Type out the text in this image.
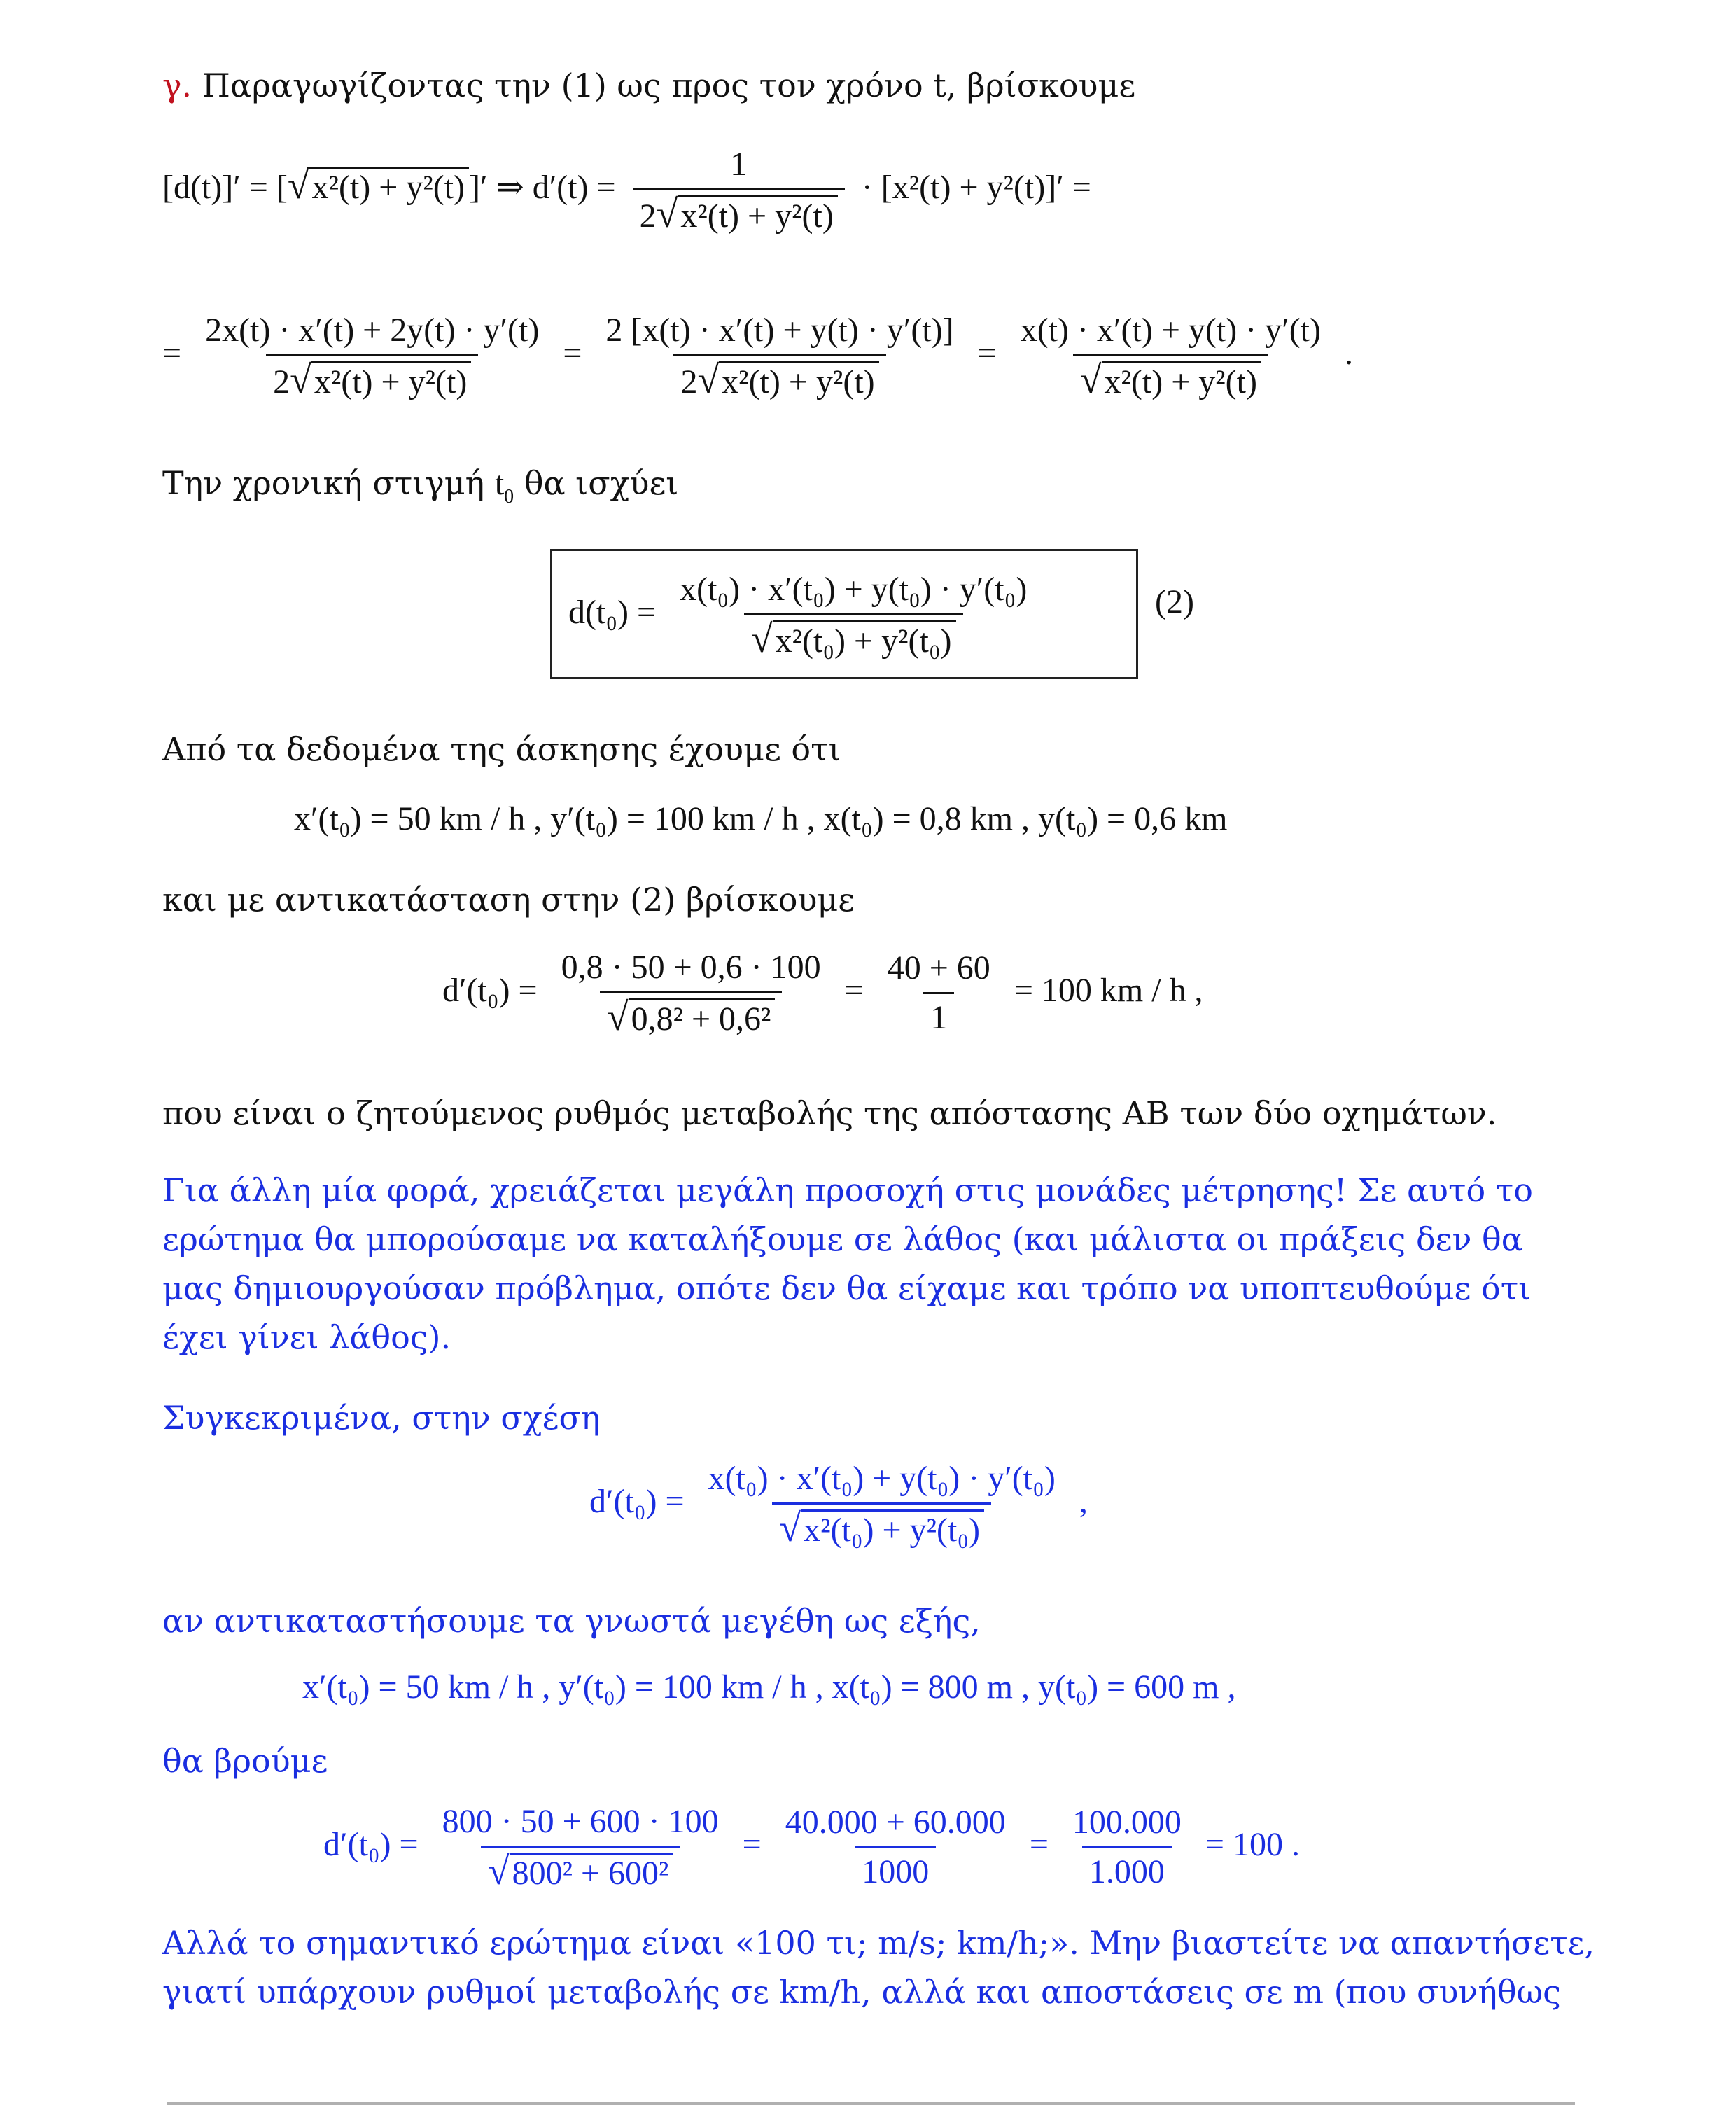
γ. Παραγωγίζοντας την (1) ως προς τον χρόνο t, βρίσκουμε
[d(t)]′ = [√x²(t) + y²(t) ]′ ⇒ $d'(t) = \frac{1}{\text{2√x²(t) + y²(t)}} \cdot [x^2(t) + y^2(t)]'$ =
= $\frac{2x(t) \cdot x'(t) + 2y(t) \cdot y'(t)}{\text{2√x²(t) + y²(t)}} = \frac{2 [x(t) \cdot x'(t) + y(t) \cdot y'(t)]}{\text{2√x²(t) + y²(t)}} = \frac{x(t) \cdot x'(t) + y(t) \cdot y'(t)}{\text{√x²(t) + y²(t)}}$ .
Την χρονική στιγμή $t_0$ θα ισχύει
$d(t_0) = \frac{\text{x(t₀) · x′(t₀) + y(t₀) · y′(t₀)}}{\text{√x²(t₀) + y²(t₀)}}$	(2)
Από τα δεδομένα της άσκησης έχουμε ότι
x′(t₀) = 50 km / h , y′(t₀) = 100 km / h , x(t₀) = 0,8 km , y(t₀) = 0,6 km
και με αντικατάσταση στην (2) βρίσκουμε
$d'(t_0) = \frac{0,8 \cdot 50 + 0,6 \cdot 100}{\text{√0,8² + 0,6²}} = \frac{40 + 60}{1} = 100$ km / h ,
που είναι ο ζητούμενος ρυθμός μεταβολής της απόστασης ΑΒ των δύο οχημάτων.
Για άλλη μία φορά, χρειάζεται μεγάλη προσοχή στις μονάδες μέτρησης! Σε αυτό το
ερώτημα θα μπορούσαμε να καταλήξουμε σε λάθος (και μάλιστα οι πράξεις δεν θα
μας δημιουργούσαν πρόβλημα, οπότε δεν θα είχαμε και τρόπο να υποπτευθούμε ότι
έχει γίνει λάθος).
Συγκεκριμένα, στην σχέση
$d'(t_0) = \frac{\text{x(t₀) · x′(t₀) + y(t₀) · y′(t₀)}}{\text{√x²(t₀) + y²(t₀)}}$ ,
αν αντικαταστήσουμε τα γνωστά μεγέθη ως εξής,
x′(t₀) = 50 km / h , y′(t₀) = 100 km / h , x(t₀) = 800 m , y(t₀) = 600 m ,
θα βρούμε
$d'(t_0) = \frac{800 \cdot 50 + 600 \cdot 100}{\text{√800² + 600²}} = \frac{40.000 + 60.000}{1000} = \frac{100.000}{1.000} = 100$ .
Αλλά το σημαντικό ερώτημα είναι «100 τι; m/s; km/h;». Μην βιαστείτε να απαντήσετε,
γιατί υπάρχουν ρυθμοί μεταβολής σε km/h, αλλά και αποστάσεις σε m (που συνήθως
